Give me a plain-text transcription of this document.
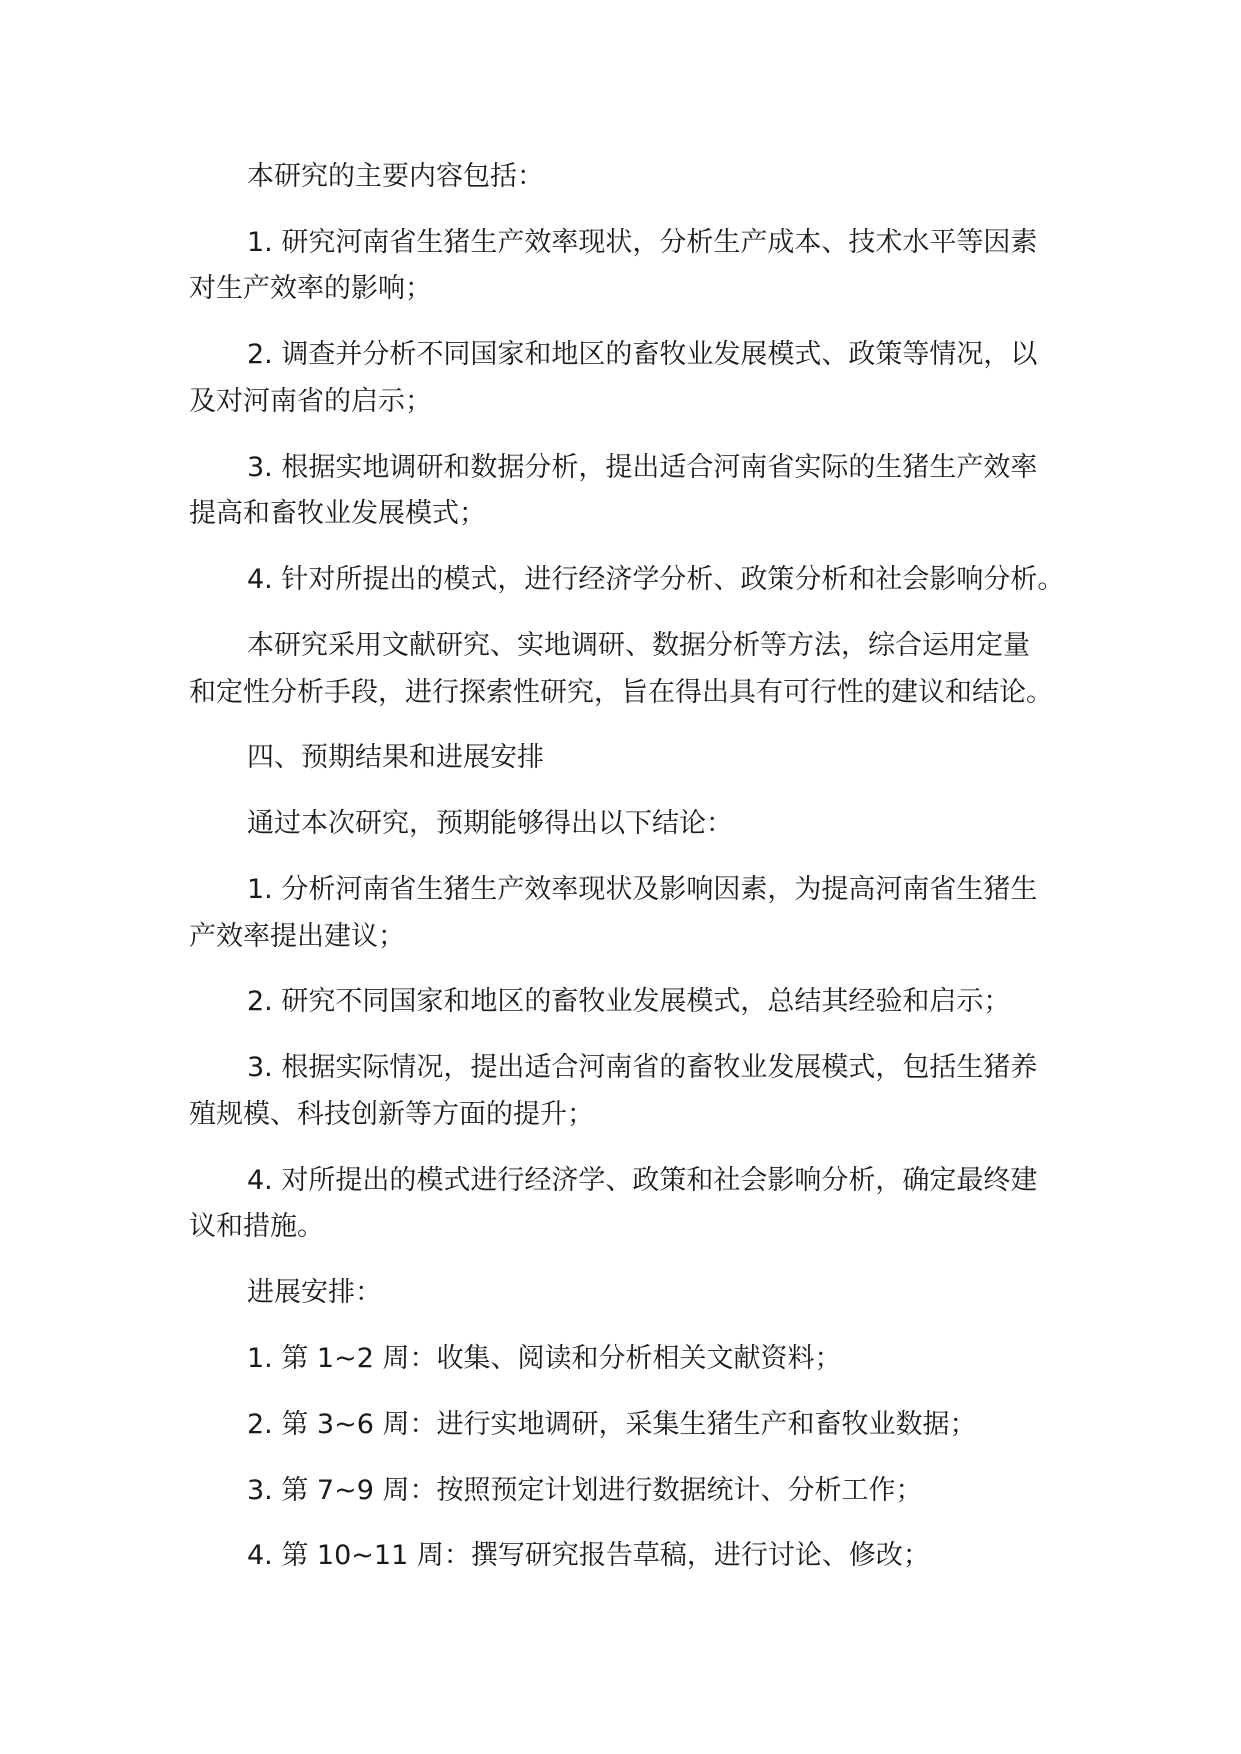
本研究的主要内容包括：
1. 研究河南省生猪生产效率现状，分析生产成本、技术水平等因素
对生产效率的影响；
2. 调查并分析不同国家和地区的畜牧业发展模式、政策等情况，以
及对河南省的启示；
3. 根据实地调研和数据分析，提出适合河南省实际的生猪生产效率
提高和畜牧业发展模式；
4. 针对所提出的模式，进行经济学分析、政策分析和社会影响分析。
本研究采用文献研究、实地调研、数据分析等方法，综合运用定量
和定性分析手段，进行探索性研究，旨在得出具有可行性的建议和结论。
四、预期结果和进展安排
通过本次研究，预期能够得出以下结论：
1. 分析河南省生猪生产效率现状及影响因素，为提高河南省生猪生
产效率提出建议；
2. 研究不同国家和地区的畜牧业发展模式，总结其经验和启示；
3. 根据实际情况，提出适合河南省的畜牧业发展模式，包括生猪养
殖规模、科技创新等方面的提升；
4. 对所提出的模式进行经济学、政策和社会影响分析，确定最终建
议和措施。
进展安排：
1. 第 1~2 周：收集、阅读和分析相关文献资料；
2. 第 3~6 周：进行实地调研，采集生猪生产和畜牧业数据；
3. 第 7~9 周：按照预定计划进行数据统计、分析工作；
4. 第 10~11 周：撰写研究报告草稿，进行讨论、修改；
